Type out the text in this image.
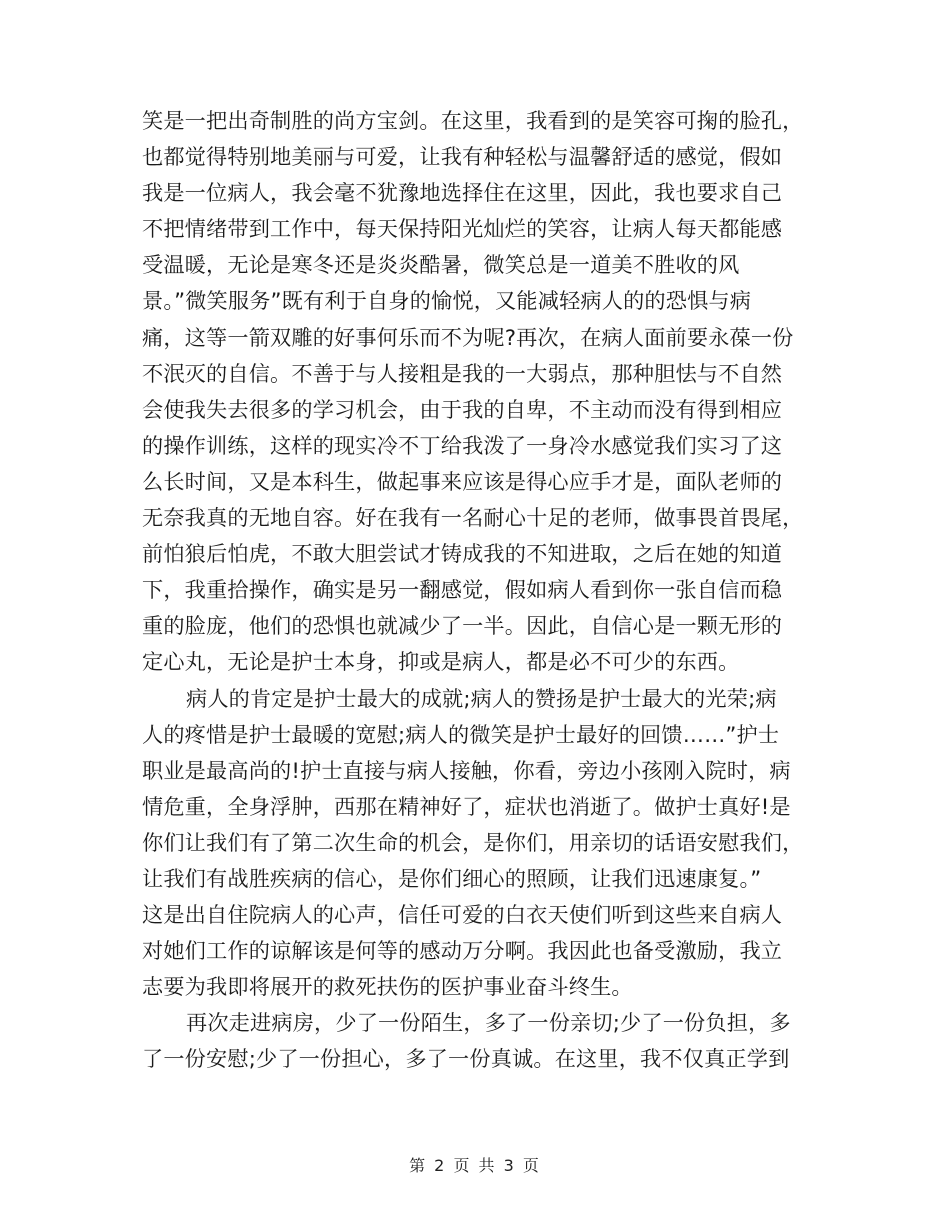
笑是一把出奇制胜的尚方宝剑。在这里，我看到的是笑容可掬的脸孔，
也都觉得特别地美丽与可爱，让我有种轻松与温馨舒适的感觉，假如
我是一位病人，我会毫不犹豫地选择住在这里，因此，我也要求自己
不把情绪带到工作中，每天保持阳光灿烂的笑容，让病人每天都能感
受温暖，无论是寒冬还是炎炎酷暑，微笑总是一道美不胜收的风
景。”微笑服务”既有利于自身的愉悦，又能减轻病人的的恐惧与病
痛，这等一箭双雕的好事何乐而不为呢?再次，在病人面前要永葆一份
不泯灭的自信。不善于与人接粗是我的一大弱点，那种胆怯与不自然
会使我失去很多的学习机会，由于我的自卑，不主动而没有得到相应
的操作训练，这样的现实冷不丁给我泼了一身冷水感觉我们实习了这
么长时间，又是本科生，做起事来应该是得心应手才是，面队老师的
无奈我真的无地自容。好在我有一名耐心十足的老师，做事畏首畏尾，
前怕狼后怕虎，不敢大胆尝试才铸成我的不知进取，之后在她的知道
下，我重拾操作，确实是另一翻感觉，假如病人看到你一张自信而稳
重的脸庞，他们的恐惧也就减少了一半。因此，自信心是一颗无形的
定心丸，无论是护士本身，抑或是病人，都是必不可少的东西。
病人的肯定是护士最大的成就;病人的赞扬是护士最大的光荣;病
人的疼惜是护士最暖的宽慰;病人的微笑是护士最好的回馈……”护士
职业是最高尚的!护士直接与病人接触，你看，旁边小孩刚入院时，病
情危重，全身浮肿，西那在精神好了，症状也消逝了。做护士真好!是
你们让我们有了第二次生命的机会，是你们，用亲切的话语安慰我们，
让我们有战胜疾病的信心，是你们细心的照顾，让我们迅速康复。”
这是出自住院病人的心声，信任可爱的白衣天使们听到这些来自病人
对她们工作的谅解该是何等的感动万分啊。我因此也备受激励，我立
志要为我即将展开的救死扶伤的医护事业奋斗终生。
再次走进病房，少了一份陌生，多了一份亲切;少了一份负担，多
了一份安慰;少了一份担心，多了一份真诚。在这里，我不仅真正学到
第 2 页 共 3 页
